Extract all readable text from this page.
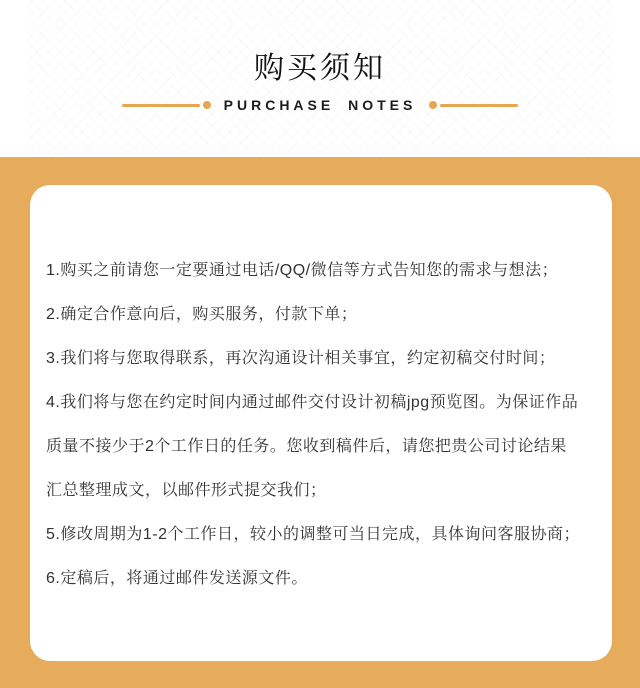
购买须知
PURCHASE NOTES

1.购买之前请您一定要通过电话/QQ/微信等方式告知您的需求与想法；

2.确定合作意向后，购买服务，付款下单；

3.我们将与您取得联系，再次沟通设计相关事宜，约定初稿交付时间；

4.我们将与您在约定时间内通过邮件交付设计初稿jpg预览图。为保证作品

质量不接少于2个工作日的任务。您收到稿件后，请您把贵公司讨论结果

汇总整理成文，以邮件形式提交我们；

5.修改周期为1-2个工作日，较小的调整可当日完成，具体询问客服协商；

6.定稿后，将通过邮件发送源文件。
